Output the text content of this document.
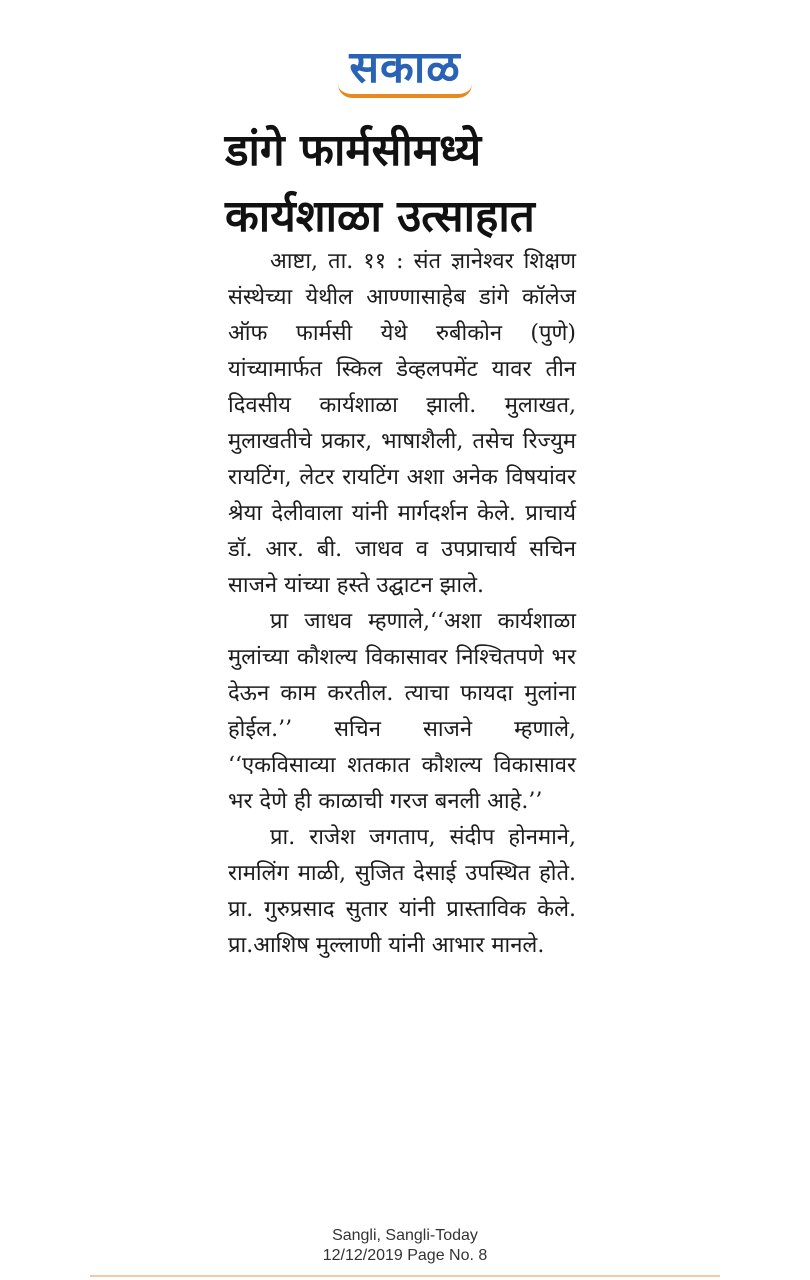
सकाळ
डांगे फार्मसीमध्ये
कार्यशाळा उत्साहात

आष्टा, ता. ११ : संत ज्ञानेश्वर शिक्षण संस्थेच्या येथील आण्णासाहेब डांगे कॉलेज ऑफ फार्मसी येथे रुबीकोन (पुणे) यांच्यामार्फत स्किल डेव्हलपमेंट यावर तीन दिवसीय कार्यशाळा झाली. मुलाखत, मुलाखतीचे प्रकार, भाषाशैली, तसेच रिज्युम रायटिंग, लेटर रायटिंग अशा अनेक विषयांवर श्रेया देलीवाला यांनी मार्गदर्शन केले. प्राचार्य डॉ. आर. बी. जाधव व उपप्राचार्य सचिन साजने यांच्या हस्ते उद्घाटन झाले.

प्रा जाधव म्हणाले,‘‘अशा कार्यशाळा मुलांच्या कौशल्य विकासावर निश्चितपणे भर देऊन काम करतील. त्याचा फायदा मुलांना होईल.’’ सचिन साजने म्हणाले, ‘‘एकविसाव्या शतकात कौशल्य विकासावर भर देणे ही काळाची गरज बनली आहे.’’

प्रा. राजेश जगताप, संदीप होनमाने, रामलिंग माळी, सुजित देसाई उपस्थित होते. प्रा. गुरुप्रसाद सुतार यांनी प्रास्ताविक केले. प्रा.आशिष मुल्लाणी यांनी आभार मानले.

Sangli, Sangli-Today
12/12/2019 Page No. 8
